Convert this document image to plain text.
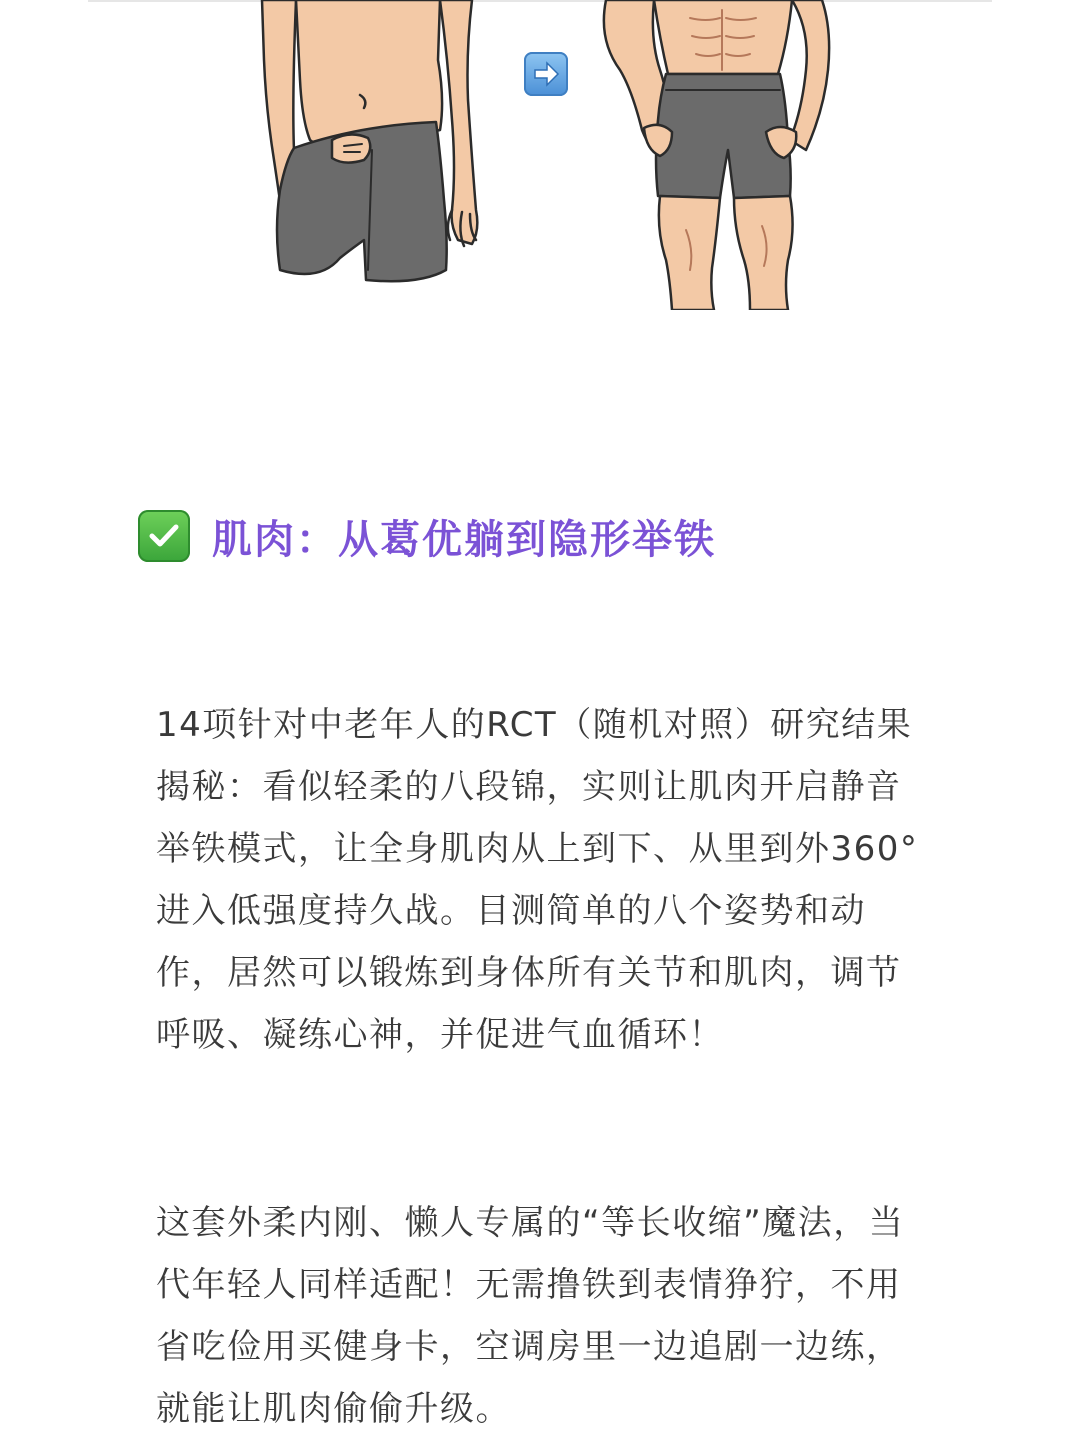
肌肉：从葛优躺到隐形举铁

14项针对中老年人的RCT（随机对照）研究结果揭秘：看似轻柔的八段锦，实则让肌肉开启静音举铁模式，让全身肌肉从上到下、从里到外360°进入低强度持久战。目测简单的八个姿势和动作，居然可以锻炼到身体所有关节和肌肉，调节呼吸、凝练心神，并促进气血循环！

这套外柔内刚、懒人专属的“等长收缩”魔法，当代年轻人同样适配！无需撸铁到表情狰狞，不用省吃俭用买健身卡，空调房里一边追剧一边练，就能让肌肉偷偷升级。
